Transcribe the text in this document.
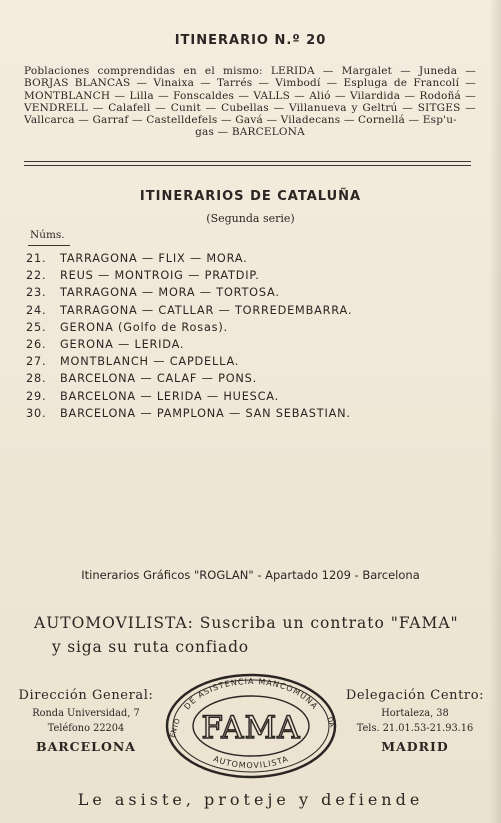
ITINERARIO N.º 20
Poblaciones comprendidas en el mismo: LERIDA — Margalet — Juneda — BORJAS BLANCAS — Vinaixa — Tarrés — Vimbodí — Espluga de Francolí — MONTBLANCH — Lilla — Fonscaldes — VALLS — Alió — Vilardida — Rodoñá — VENDRELL — Calafell — Cunit — Cubellas — Villanueva y Geltrú — SITGES — Vallcarca — Garraf — Castelldefels — Gavá — Viladecans — Cornellá — Esp'u-
gas — BARCELONA
ITINERARIOS DE CATALUÑA
(Segunda serie)
Núms.
21. TARRAGONA — FLIX — MORA.
22. REUS — MONTROIG — PRATDIP.
23. TARRAGONA — MORA — TORTOSA.
24. TARRAGONA — CATLLAR — TORREDEMBARRA.
25. GERONA (Golfo de Rosas).
26. GERONA — LERIDA.
27. MONTBLANCH — CAPDELLA.
28. BARCELONA — CALAF — PONS.
29. BARCELONA — LERIDA — HUESCA.
30. BARCELONA — PAMPLONA — SAN SEBASTIAN.
Itinerarios Gráficos "ROGLAN" - Apartado 1209 - Barcelona
AUTOMOVILISTA: Suscriba un contrato "FAMA"
y siga su ruta confiado
Dirección General:
Ronda Universidad, 7
Teléfono 22204
BARCELONA
DE ASISTENCIA MANCOMUNA
AUTOMOVILISTA
ENTO	DA
FAMA
Delegación Centro:
Hortaleza, 38
Tels. 21.01.53-21.93.16
MADRID
Le asiste, proteje y defiende
